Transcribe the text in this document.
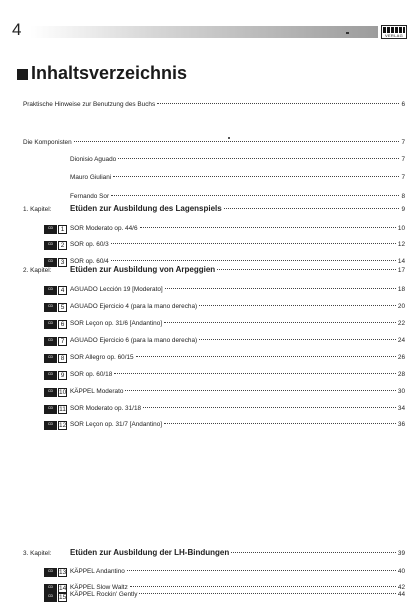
4	VERLAG
Inhaltsverzeichnis
Praktische Hinweise zur Benutzung des Buchs	6
Die Komponisten	7
Dionisio Aguado	7
Mauro Giuliani	7
Fernando Sor	8
1. Kapitel: Etüden zur Ausbildung des Lagenspiels	9
CD	1 SOR Moderato op. 44/6	10
CD	2 SOR op. 60/3	12
CD	3 SOR op. 60/4	14
2. Kapitel: Etüden zur Ausbildung von Arpeggien	17
CD	4 AGUADO Lección 19 [Moderato]	18
CD	5 AGUADO Ejercicio 4 (para la mano derecha)	20
CD	6 SOR Leçon op. 31/6 [Andantino]	22
CD	7 AGUADO Ejercicio 6 (para la mano derecha)	24
CD	8 SOR Allegro op. 60/15	26
CD	9 SOR op. 60/18	28
CD 10 KÄPPEL Moderato	30
CD 11 SOR Moderato op. 31/18	34
CD 12 SOR Leçon op. 31/7 [Andantino]	36
3. Kapitel: Etüden zur Ausbildung der LH-Bindungen	39
CD 13 KÄPPEL Andantino	40
CD 14 KÄPPEL Slow Waltz	42
CD 15 KÄPPEL Rockin' Gently	44
